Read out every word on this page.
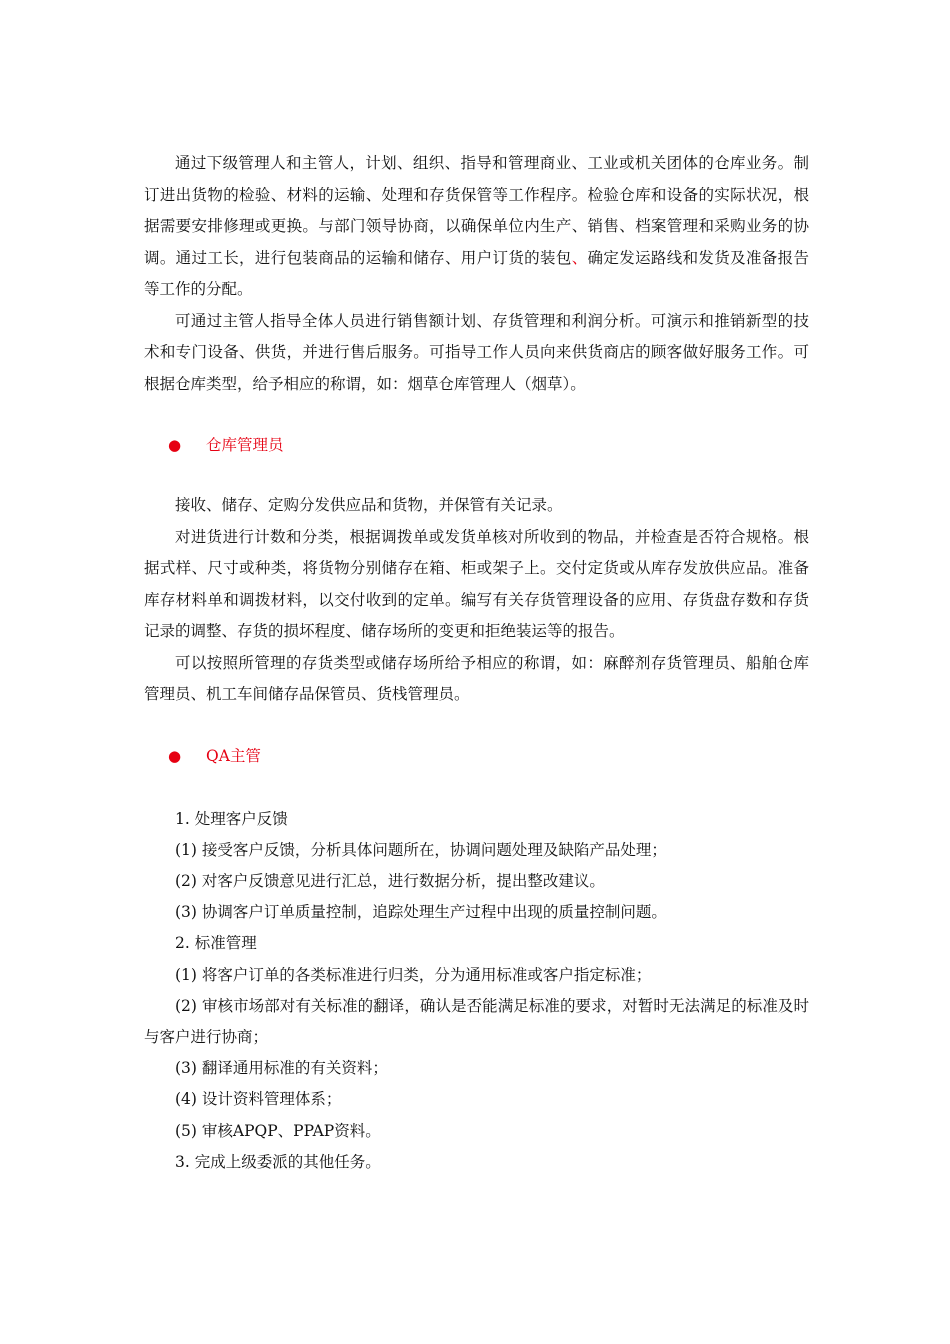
通过下级管理人和主管人，计划、组织、指导和管理商业、工业或机关团体的仓库业务。制订进出货物的检验、材料的运输、处理和存货保管等工作程序。检验仓库和设备的实际状况，根据需要安排修理或更换。与部门领导协商，以确保单位内生产、销售、档案管理和采购业务的协调。通过工长，进行包装商品的运输和储存、用户订货的装包、确定发运路线和发货及准备报告等工作的分配。

可通过主管人指导全体人员进行销售额计划、存货管理和利润分析。可演示和推销新型的技术和专门设备、供货，并进行售后服务。可指导工作人员向来供货商店的顾客做好服务工作。可根据仓库类型，给予相应的称谓，如：烟草仓库管理人（烟草）。

● 仓库管理员

接收、储存、定购分发供应品和货物，并保管有关记录。

对进货进行计数和分类，根据调拨单或发货单核对所收到的物品，并检查是否符合规格。根据式样、尺寸或种类，将货物分别储存在箱、柜或架子上。交付定货或从库存发放供应品。准备库存材料单和调拨材料，以交付收到的定单。编写有关存货管理设备的应用、存货盘存数和存货记录的调整、存货的损坏程度、储存场所的变更和拒绝装运等的报告。

可以按照所管理的存货类型或储存场所给予相应的称谓，如：麻醉剂存货管理员、船舶仓库管理员、机工车间储存品保管员、货栈管理员。

● QA主管

1. 处理客户反馈

(1) 接受客户反馈，分析具体问题所在，协调问题处理及缺陷产品处理；

(2) 对客户反馈意见进行汇总，进行数据分析，提出整改建议。

(3) 协调客户订单质量控制，追踪处理生产过程中出现的质量控制问题。

2. 标准管理

(1) 将客户订单的各类标准进行归类，分为通用标准或客户指定标准；

(2) 审核市场部对有关标准的翻译，确认是否能满足标准的要求，对暂时无法满足的标准及时与客户进行协商；

(3) 翻译通用标准的有关资料；

(4) 设计资料管理体系；

(5) 审核APQP、PPAP资料。

3. 完成上级委派的其他任务。
